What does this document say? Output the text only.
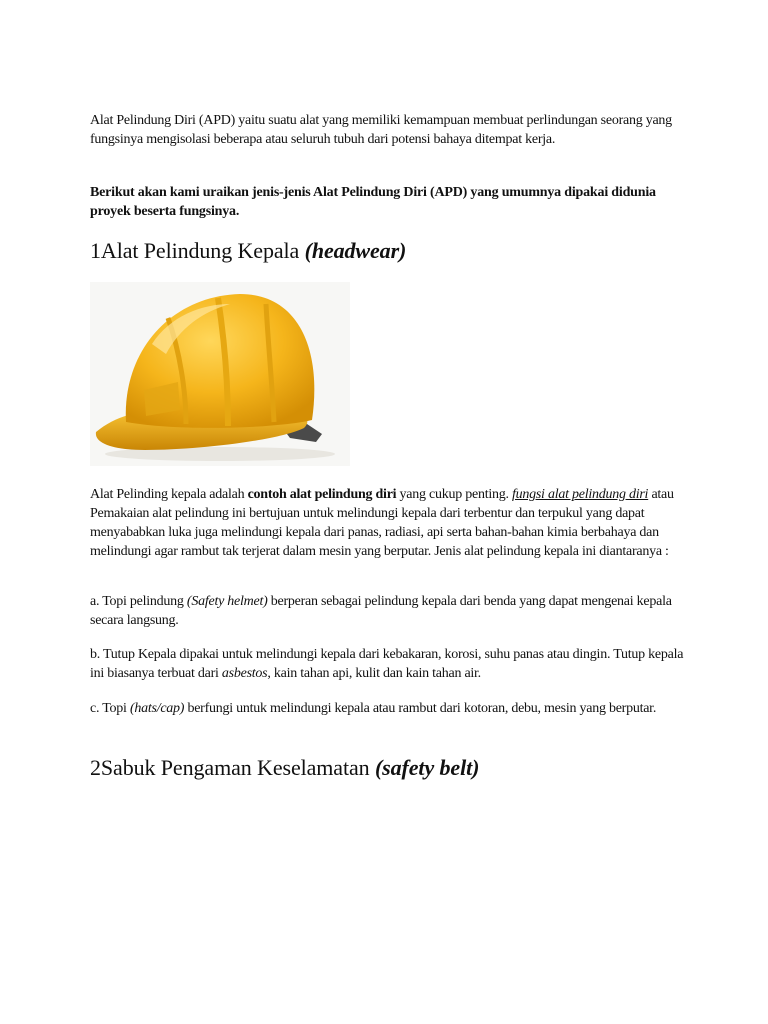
Alat Pelindung Diri (APD) yaitu suatu alat yang memiliki kemampuan membuat perlindungan seorang yang fungsinya mengisolasi beberapa atau seluruh tubuh dari potensi bahaya ditempat kerja.

Berikut akan kami uraikan jenis-jenis Alat Pelindung Diri (APD) yang umumnya dipakai didunia proyek beserta fungsinya.

1Alat Pelindung Kepala (headwear)

Alat Pelinding kepala adalah contoh alat pelindung diri yang cukup penting. fungsi alat pelindung diri atau Pemakaian alat pelindung ini bertujuan untuk melindungi kepala dari terbentur dan terpukul yang dapat menyababkan luka juga melindungi kepala dari panas, radiasi, api serta bahan-bahan kimia berbahaya dan melindungi agar rambut tak terjerat dalam mesin yang berputar. Jenis alat pelindung kepala ini diantaranya :

a. Topi pelindung (Safety helmet) berperan sebagai pelindung kepala dari benda yang dapat mengenai kepala secara langsung.

b. Tutup Kepala dipakai untuk melindungi kepala dari kebakaran, korosi, suhu panas atau dingin. Tutup kepala ini biasanya terbuat dari asbestos, kain tahan api, kulit dan kain tahan air.

c. Topi (hats/cap) berfungi untuk melindungi kepala atau rambut dari kotoran, debu, mesin yang berputar.

2Sabuk Pengaman Keselamatan (safety belt)
